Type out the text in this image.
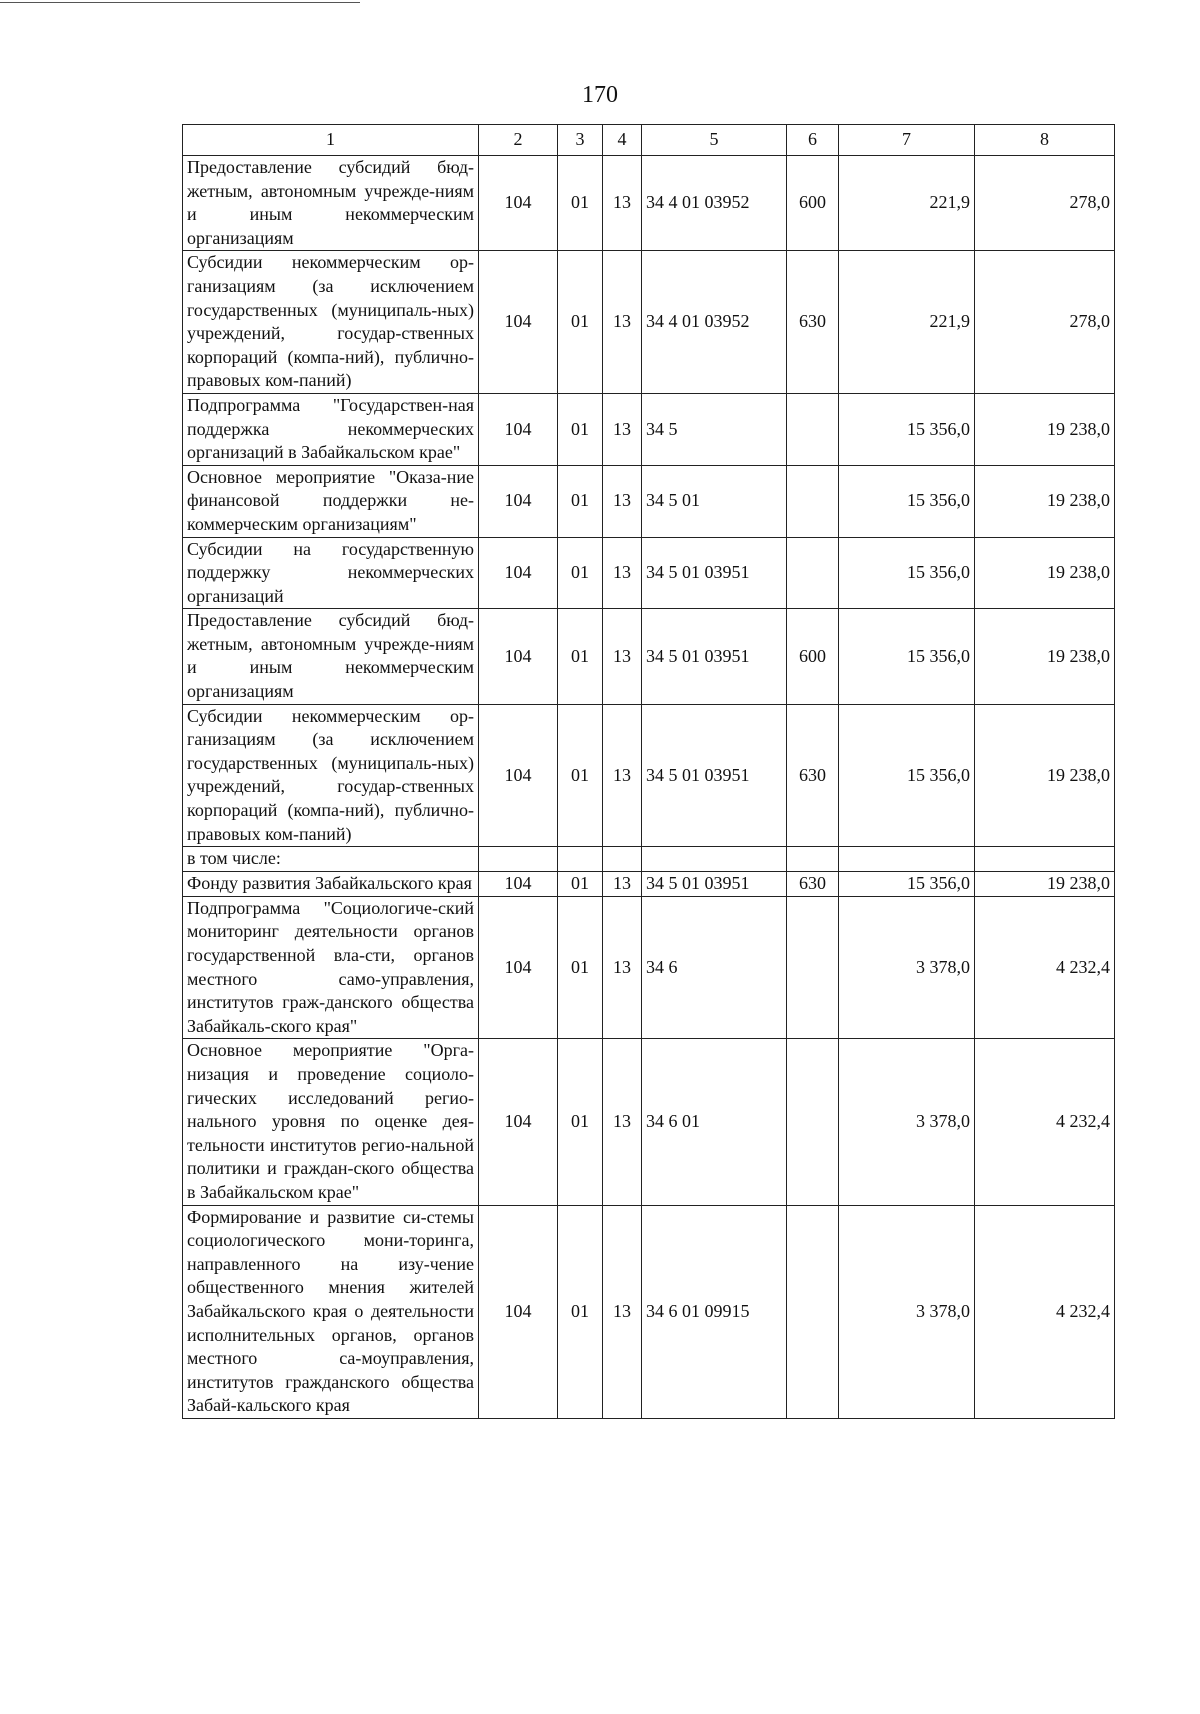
170
1	2	3	4	5	6	7	8
Предоставление субсидий бюд-жетным, автономным учрежде-ниям и иным некоммерческим организациям	104	01	13	34 4 01 03952	600	221,9	278,0
Субсидии некоммерческим ор-ганизациям (за исключением государственных (муниципаль-ных) учреждений, государ-ственных корпораций (компа-ний), публично-правовых ком-паний)	104	01	13	34 4 01 03952	630	221,9	278,0
Подпрограмма "Государствен-ная поддержка некоммерческих организаций в Забайкальском крае"	104	01	13	34 5		15 356,0	19 238,0
Основное мероприятие "Оказа-ние финансовой поддержки не-коммерческим организациям"	104	01	13	34 5 01		15 356,0	19 238,0
Субсидии на государственную поддержку некоммерческих организаций	104	01	13	34 5 01 03951		15 356,0	19 238,0
Предоставление субсидий бюд-жетным, автономным учрежде-ниям и иным некоммерческим организациям	104	01	13	34 5 01 03951	600	15 356,0	19 238,0
Субсидии некоммерческим ор-ганизациям (за исключением государственных (муниципаль-ных) учреждений, государ-ственных корпораций (компа-ний), публично-правовых ком-паний)	104	01	13	34 5 01 03951	630	15 356,0	19 238,0
в том числе:							
Фонду развития Забайкальского края	104	01	13	34 5 01 03951	630	15 356,0	19 238,0
Подпрограмма "Социологиче-ский мониторинг деятельности органов государственной вла-сти, органов местного само-управления, институтов граж-данского общества Забайкаль-ского края"	104	01	13	34 6		3 378,0	4 232,4
Основное мероприятие "Орга-низация и проведение социоло-гических исследований регио-нального уровня по оценке дея-тельности институтов регио-нальной политики и граждан-ского общества в Забайкальском крае"	104	01	13	34 6 01		3 378,0	4 232,4
Формирование и развитие си-стемы социологического мони-торинга, направленного на изу-чение общественного мнения жителей Забайкальского края о деятельности исполнительных органов, органов местного са-моуправления, институтов гражданского общества Забай-кальского края	104	01	13	34 6 01 09915		3 378,0	4 232,4
